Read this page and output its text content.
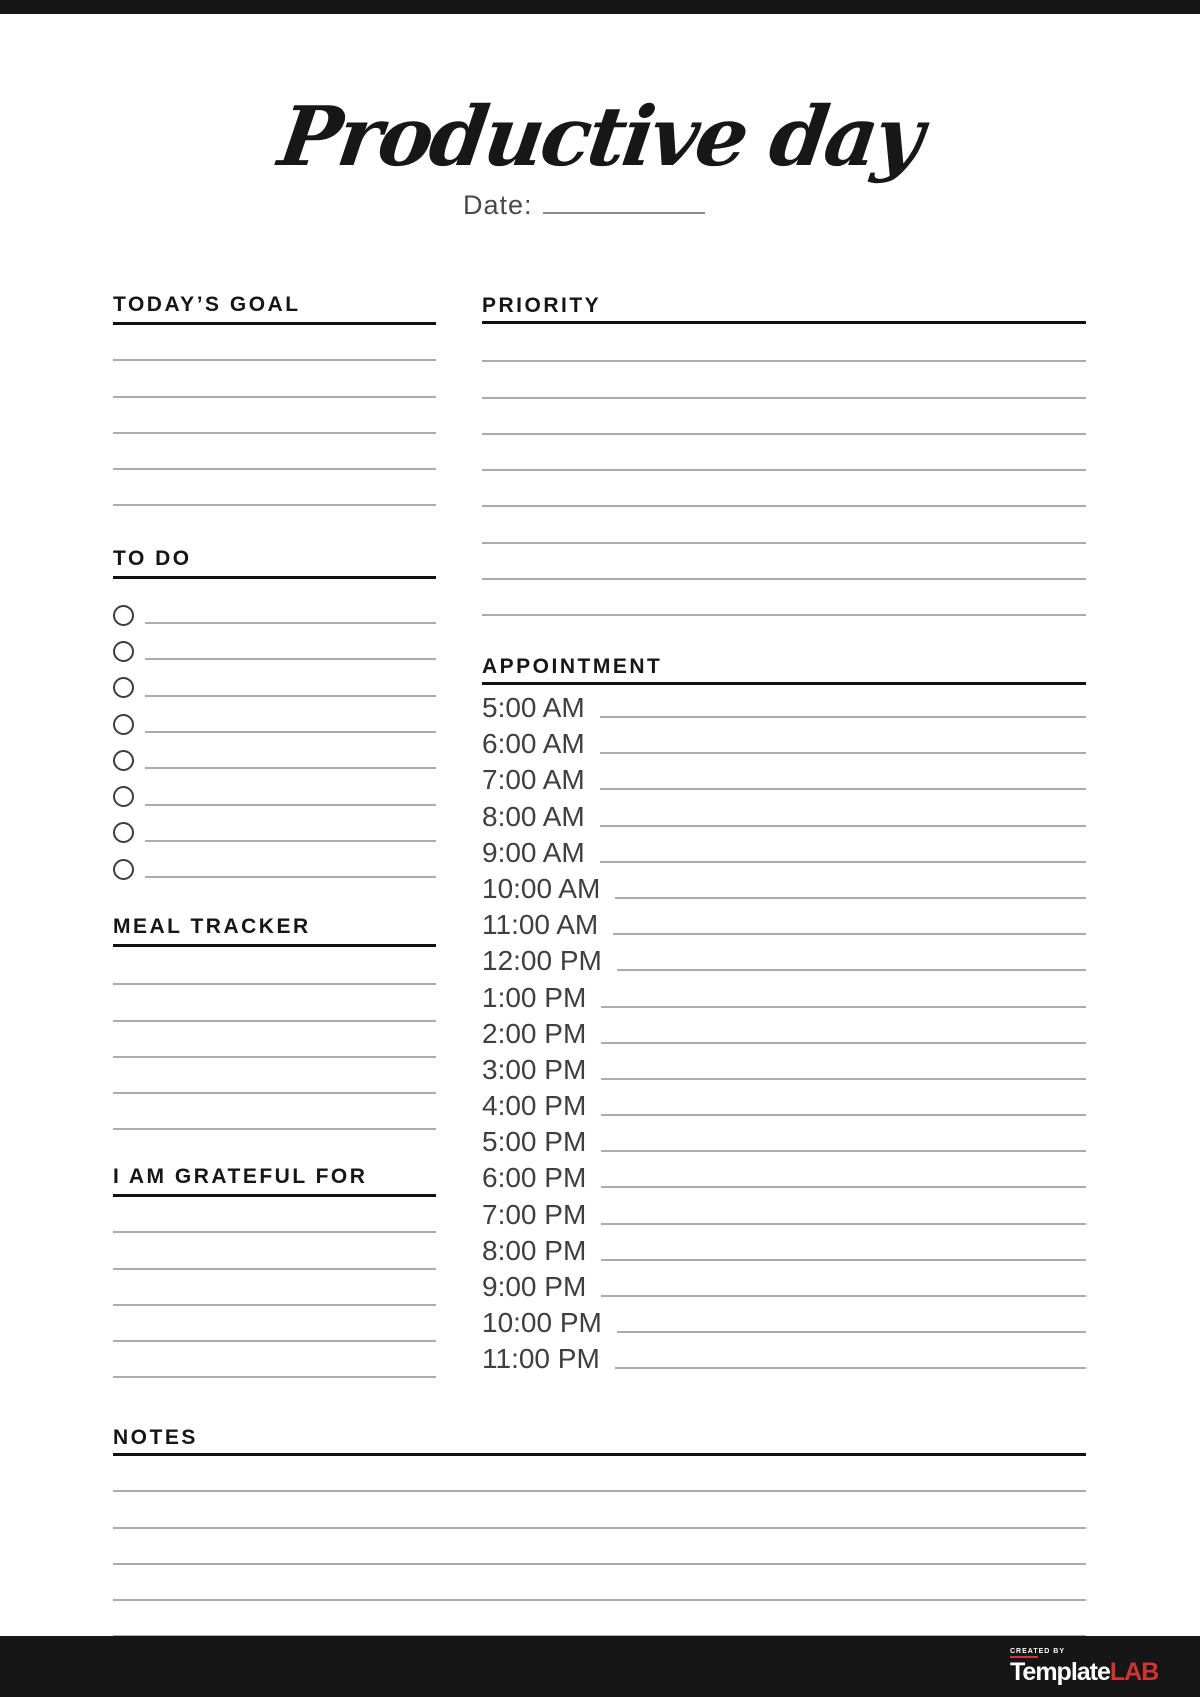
Productive day
Date:
TODAY’S GOAL
TO DO
MEAL TRACKER
I AM GRATEFUL FOR
PRIORITY
APPOINTMENT
5:00 AM
6:00 AM
7:00 AM
8:00 AM
9:00 AM
10:00 AM
11:00 AM
12:00 PM
1:00 PM
2:00 PM
3:00 PM
4:00 PM
5:00 PM
6:00 PM
7:00 PM
8:00 PM
9:00 PM
10:00 PM
11:00 PM
NOTES
CREATED BY
TemplateLAB
